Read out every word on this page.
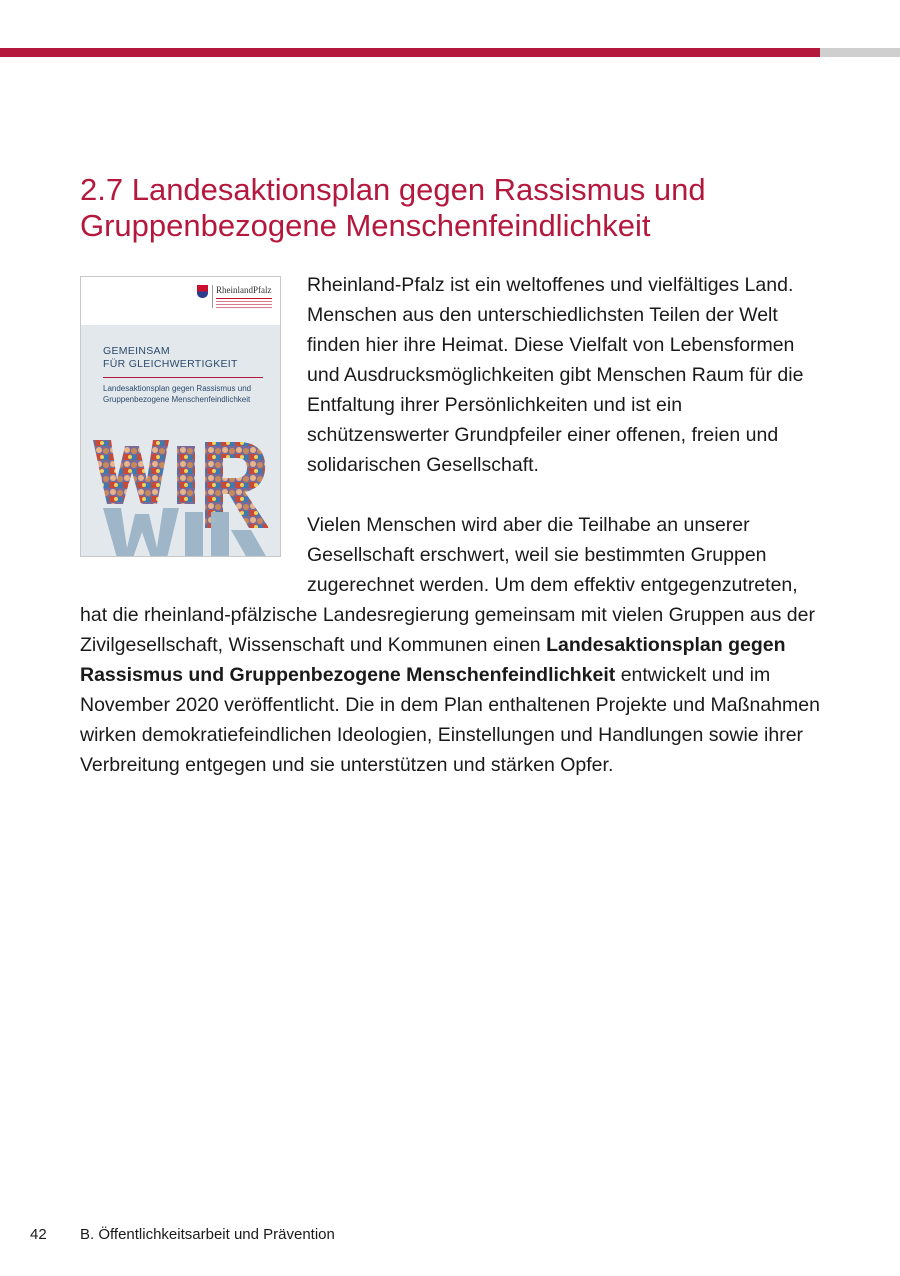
2.7 Landesaktionsplan gegen Rassismus und
Gruppenbezogene Menschenfeindlichkeit
RheinlandPfalz
GEMEINSAM
FÜR GLEICHWERTIGKEIT
Landesaktionsplan gegen Rassismus und
Gruppenbezogene Menschenfeindlichkeit

Rheinland-Pfalz ist ein weltoffenes und vielfältiges Land. Menschen aus den unterschiedlichsten Teilen der Welt finden hier ihre Heimat. Diese Vielfalt von Lebensformen und Ausdrucksmöglichkeiten gibt Menschen Raum für die Entfaltung ihrer Persönlichkeiten und ist ein schützenswerter Grundpfeiler einer offenen, freien und solidarischen Gesellschaft.

Vielen Menschen wird aber die Teilhabe an unserer Gesellschaft erschwert, weil sie bestimmten Gruppen zugerechnet werden. Um dem effektiv entgegenzutreten, hat die rheinland-pfälzische Landesregierung gemeinsam mit vielen Gruppen aus der Zivilgesellschaft, Wissenschaft und Kommunen einen Landesaktionsplan gegen Rassismus und Gruppenbezogene Menschenfeindlichkeit entwickelt und im November 2020 veröffentlicht. Die in dem Plan enthaltenen Projekte und Maßnahmen wirken demokratiefeindlichen Ideologien, Einstellungen und Handlungen sowie ihrer Verbreitung entgegen und sie unterstützen und stärken Opfer.

42 B. Öffentlichkeitsarbeit und Prävention
